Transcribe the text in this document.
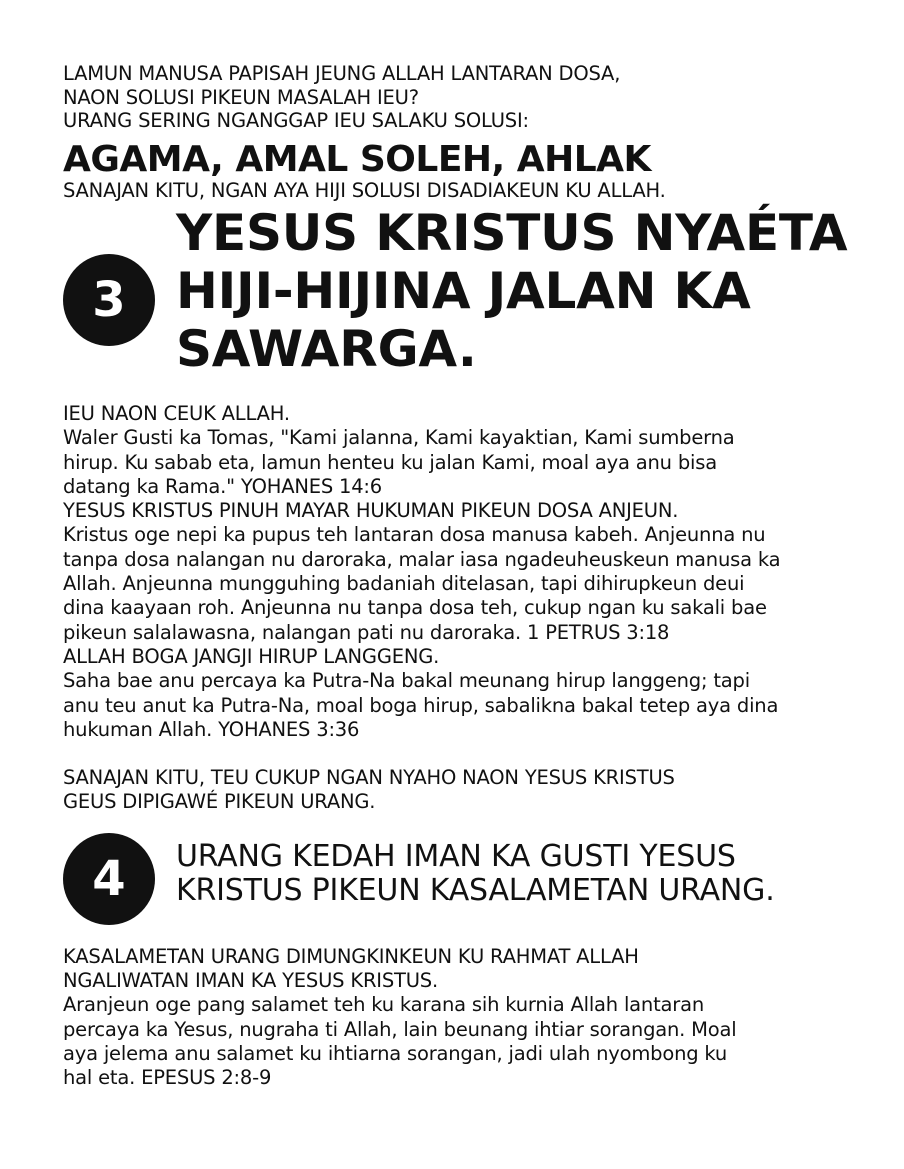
LAMUN MANUSA PAPISAH JEUNG ALLAH LANTARAN DOSA,
NAON SOLUSI PIKEUN MASALAH IEU?
URANG SERING NGANGGAP IEU SALAKU SOLUSI:
AGAMA, AMAL SOLEH, AHLAK
SANAJAN KITU, NGAN AYA HIJI SOLUSI DISADIAKEUN KU ALLAH.
3
YESUS KRISTUS NYAÉTA
HIJI-HIJINA JALAN KA
SAWARGA.
IEU NAON CEUK ALLAH.
Waler Gusti ka Tomas, "Kami jalanna, Kami kayaktian, Kami sumberna
hirup. Ku sabab eta, lamun henteu ku jalan Kami, moal aya anu bisa
datang ka Rama." YOHANES 14:6
YESUS KRISTUS PINUH MAYAR HUKUMAN PIKEUN DOSA ANJEUN.
Kristus oge nepi ka pupus teh lantaran dosa manusa kabeh. Anjeunna nu
tanpa dosa nalangan nu daroraka, malar iasa ngadeuheuskeun manusa ka
Allah. Anjeunna mungguhing badaniah ditelasan, tapi dihirupkeun deui
dina kaayaan roh. Anjeunna nu tanpa dosa teh, cukup ngan ku sakali bae
pikeun salalawasna, nalangan pati nu daroraka. 1 PETRUS 3:18
ALLAH BOGA JANGJI HIRUP LANGGENG.
Saha bae anu percaya ka Putra-Na bakal meunang hirup langgeng; tapi
anu teu anut ka Putra-Na, moal boga hirup, sabalikna bakal tetep aya dina
hukuman Allah. YOHANES 3:36
SANAJAN KITU, TEU CUKUP NGAN NYAHO NAON YESUS KRISTUS
GEUS DIPIGAWÉ PIKEUN URANG.
4	URANG KEDAH IMAN KA GUSTI YESUS
KRISTUS PIKEUN KASALAMETAN URANG.
KASALAMETAN URANG DIMUNGKINKEUN KU RAHMAT ALLAH
NGALIWATAN IMAN KA YESUS KRISTUS.
Aranjeun oge pang salamet teh ku karana sih kurnia Allah lantaran
percaya ka Yesus, nugraha ti Allah, lain beunang ihtiar sorangan. Moal
aya jelema anu salamet ku ihtiarna sorangan, jadi ulah nyombong ku
hal eta. EPESUS 2:8-9
